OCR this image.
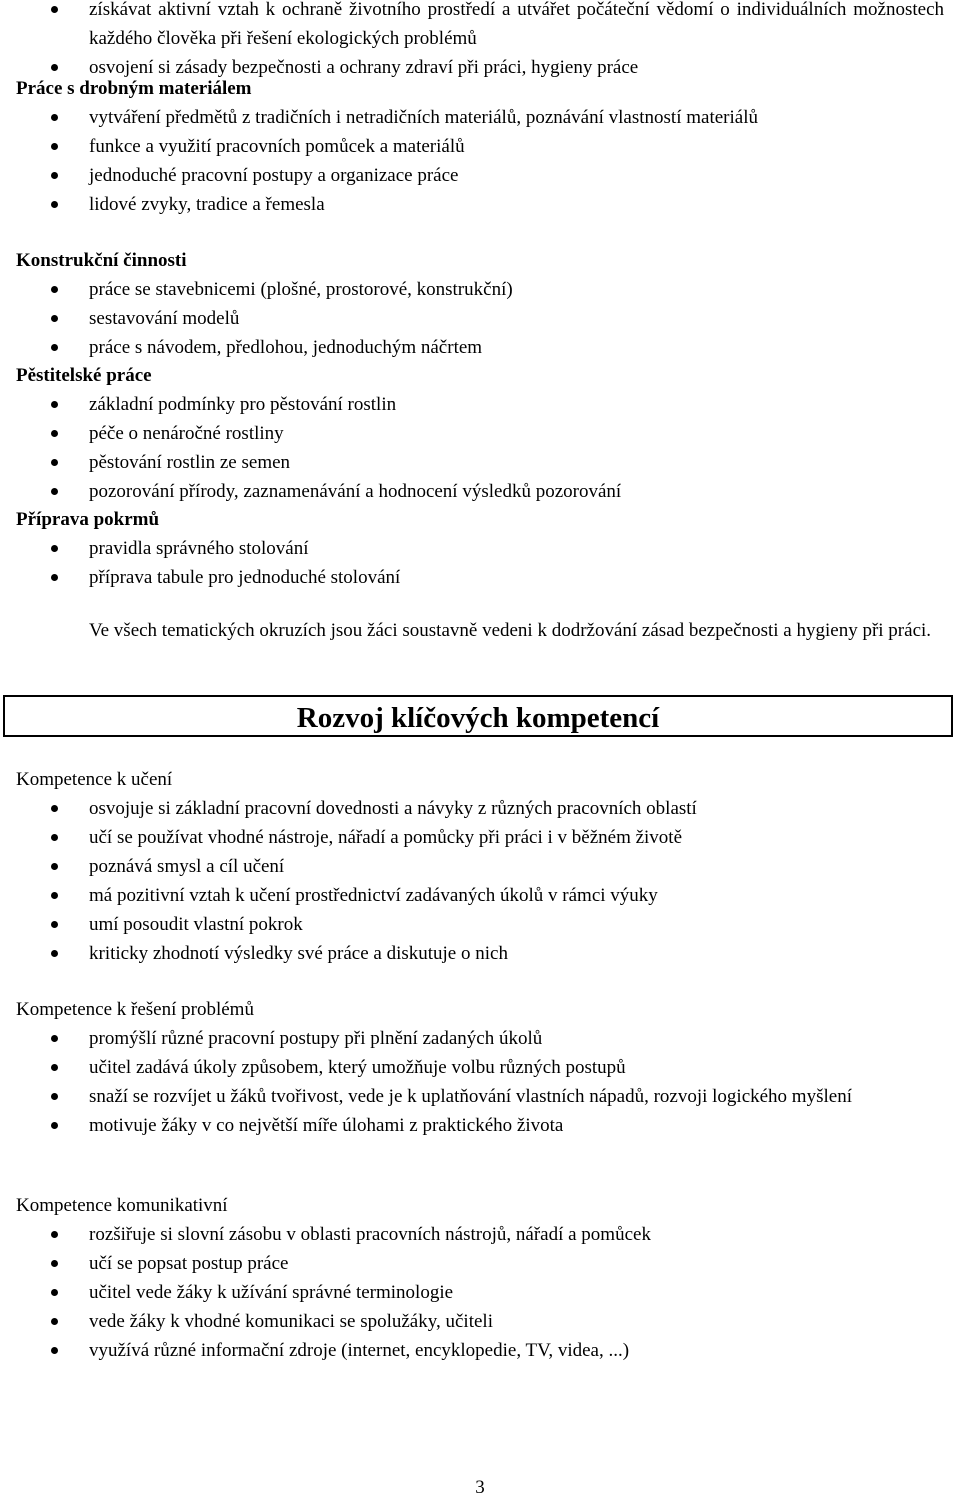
získávat aktivní vztah k ochraně životního prostředí a utvářet počáteční vědomí o individuálních možnostech každého člověka při řešení ekologických problémů
osvojení si zásady bezpečnosti a ochrany zdraví při práci, hygieny práce
Práce s drobným materiálem
vytváření předmětů z tradičních i netradičních materiálů, poznávání vlastností materiálů
funkce a využití pracovních pomůcek a materiálů
jednoduché pracovní postupy a organizace práce
lidové zvyky, tradice a řemesla
Konstrukční činnosti
práce se stavebnicemi (plošné, prostorové, konstrukční)
sestavování modelů
práce s návodem, předlohou, jednoduchým náčrtem
Pěstitelské práce
základní podmínky pro pěstování rostlin
péče o nenáročné rostliny
pěstování rostlin ze semen
pozorování přírody, zaznamenávání a hodnocení výsledků pozorování
Příprava pokrmů
pravidla správného stolování
příprava tabule pro jednoduché stolování
Ve všech tematických okruzích jsou žáci soustavně vedeni k dodržování zásad bezpečnosti a hygieny při práci.
Rozvoj klíčových kompetencí
Kompetence k učení
osvojuje si základní pracovní dovednosti a návyky z různých pracovních oblastí
učí se používat vhodné nástroje, nářadí a pomůcky při práci i v běžném životě
poznává smysl a cíl učení
má pozitivní vztah k učení prostřednictví zadávaných úkolů v rámci výuky
umí posoudit vlastní pokrok
kriticky zhodnotí výsledky své práce a diskutuje o nich
Kompetence k řešení problémů
promýšlí různé pracovní postupy při plnění zadaných úkolů
učitel zadává úkoly způsobem, který umožňuje volbu různých postupů
snaží se rozvíjet u žáků tvořivost, vede je k uplatňování vlastních nápadů, rozvoji logického myšlení
motivuje žáky v co největší míře úlohami z praktického života
Kompetence komunikativní
rozšiřuje si slovní zásobu v oblasti pracovních nástrojů, nářadí a pomůcek
učí se popsat postup práce
učitel vede žáky k užívání správné terminologie
vede žáky k vhodné komunikaci se spolužáky, učiteli
využívá různé informační zdroje (internet, encyklopedie, TV, videa, ...)
3
